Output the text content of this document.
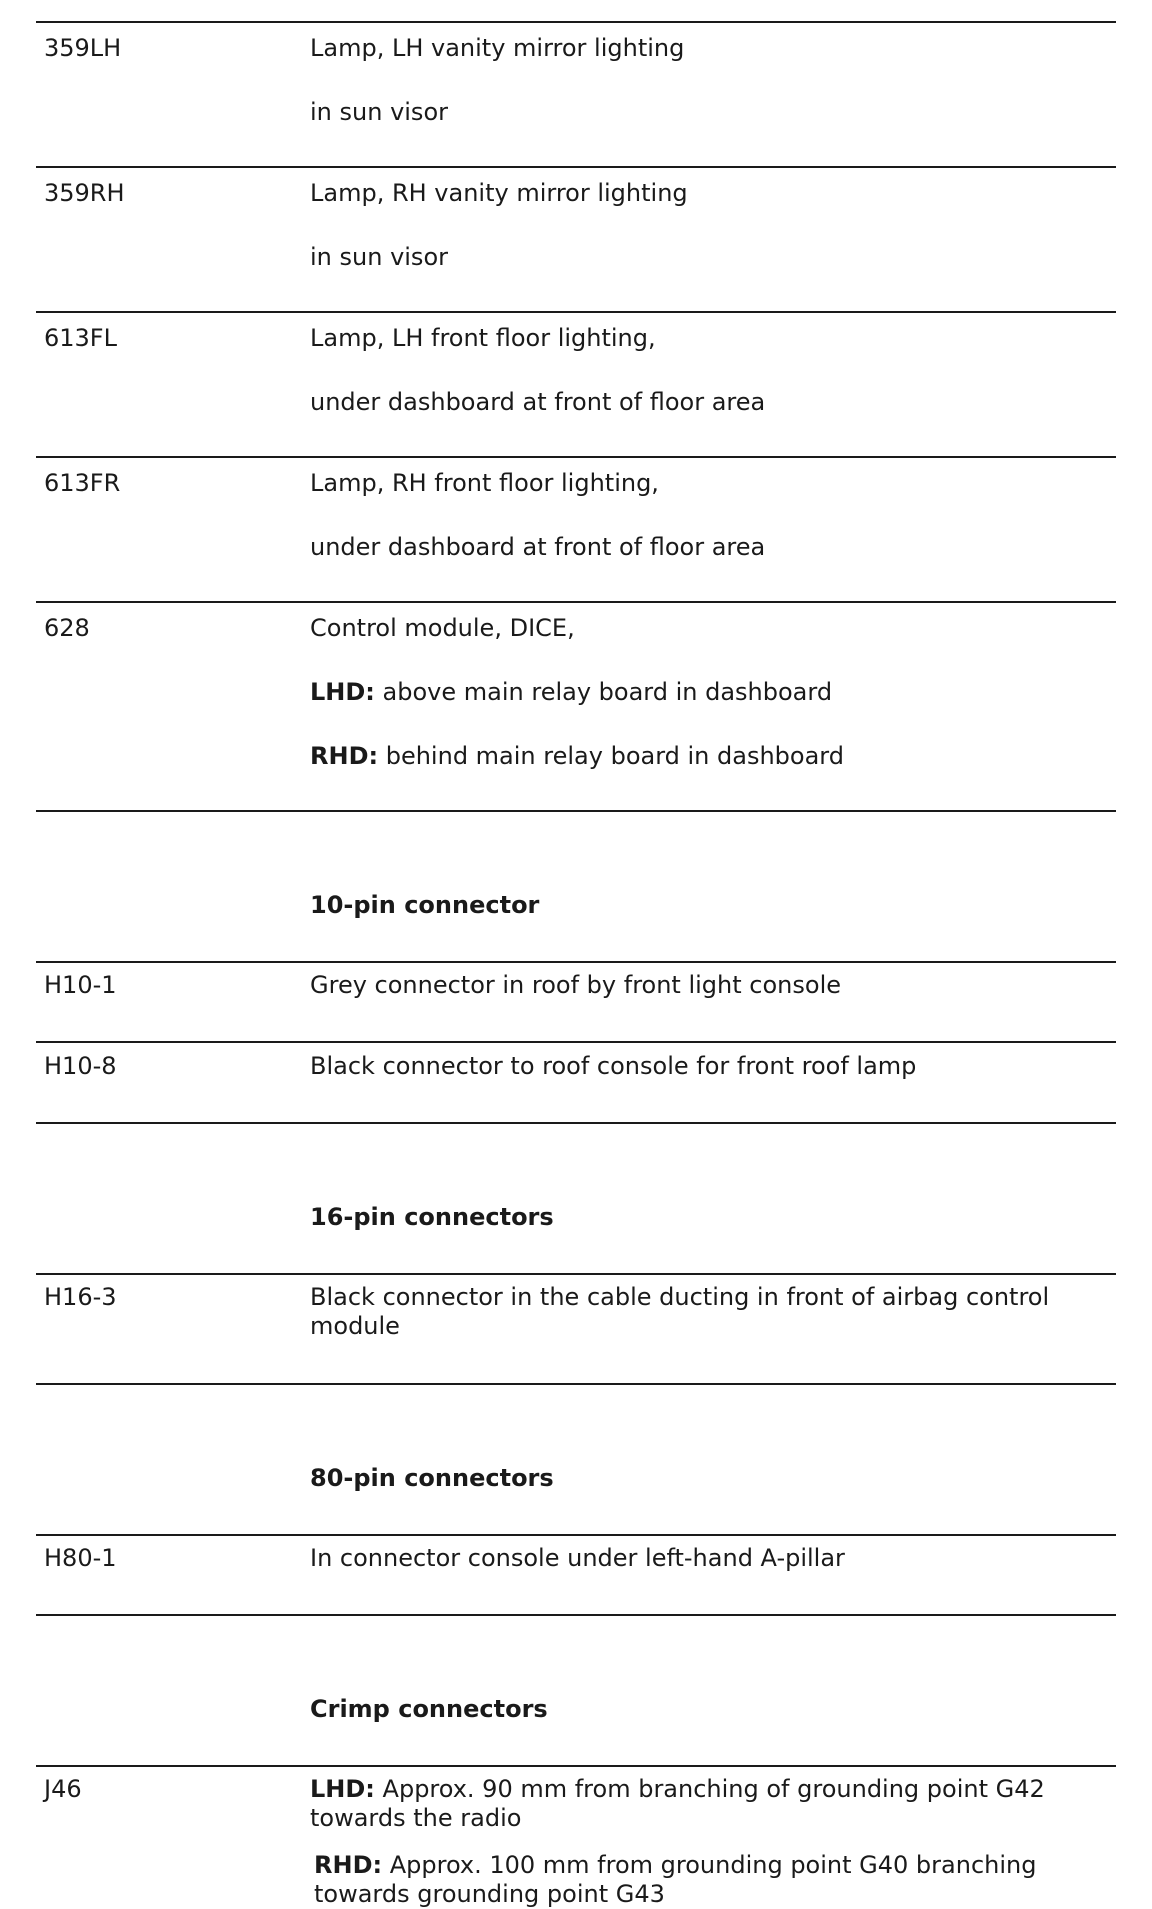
359LH	Lamp, LH vanity mirror lighting
in sun visor
359RH	Lamp, RH vanity mirror lighting
in sun visor
613FL	Lamp, LH front floor lighting,
under dashboard at front of floor area
613FR	Lamp, RH front floor lighting,
under dashboard at front of floor area
628	Control module, DICE,
LHD: above main relay board in dashboard
RHD: behind main relay board in dashboard
10-pin connector
H10-1	Grey connector in roof by front light console
H10-8	Black connector to roof console for front roof lamp
16-pin connectors
H16-3	Black connector in the cable ducting in front of airbag control module
80-pin connectors
H80-1	In connector console under left-hand A-pillar
Crimp connectors
J46	LHD: Approx. 90 mm from branching of grounding point G42 towards the radio
RHD: Approx. 100 mm from grounding point G40 branching towards grounding point G43
